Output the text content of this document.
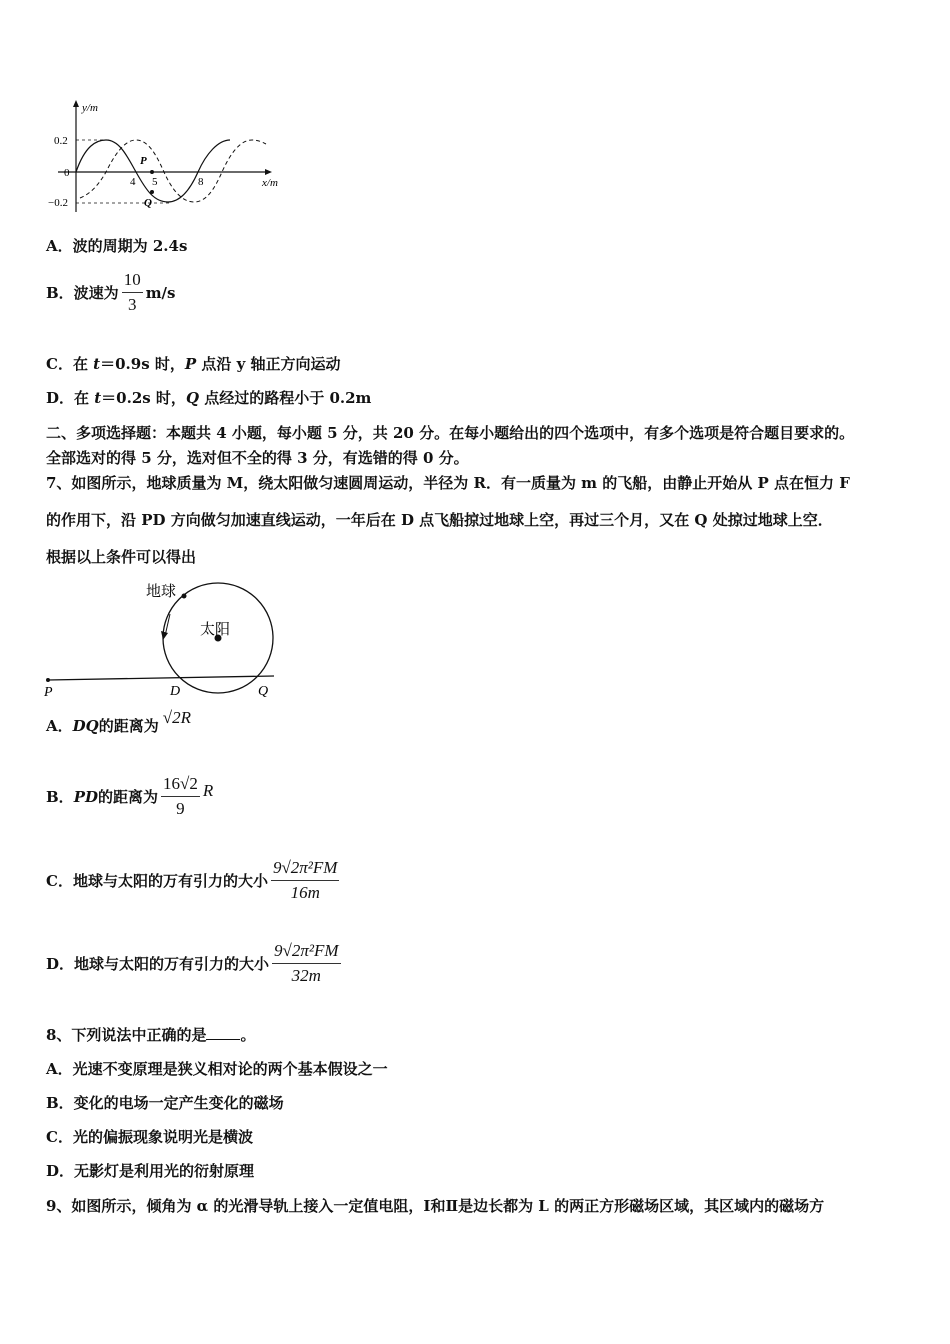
y/m
x/m
0.2
0
−0.2
4 5	8
P
Q
A．波的周期为 2.4s
B．波速为 $\frac{10}{3} m/s$
C．在 t＝0.9s 时，P 点沿 y 轴正方向运动
D．在 t＝0.2s 时，Q 点经过的路程小于 0.2m
二、多项选择题：本题共 4 小题，每小题 5 分，共 20 分。在每小题给出的四个选项中，有多个选项是符合题目要求的。
全部选对的得 5 分，选对但不全的得 3 分，有选错的得 0 分。
7、如图所示，地球质量为 M，绕太阳做匀速圆周运动，半径为 R．有一质量为 m 的飞船，由静止开始从 P 点在恒力 F
的作用下，沿 PD 方向做匀加速直线运动，一年后在 D 点飞船掠过地球上空，再过三个月，又在 Q 处掠过地球上空．
根据以上条件可以得出
太阳
地球
P	D	Q
A． DQ 的距离为 √2R
B． PD 的距离为 $\frac{16√2}{9}$ R
C．地球与太阳的万有引力的大小 $\frac{\text{9√2π²FM}}{16m}$
D．地球与太阳的万有引力的大小 $\frac{\text{9√2π²FM}}{32m}$
8、下列说法中正确的是 。
A．光速不变原理是狭义相对论的两个基本假设之一
B．变化的电场一定产生变化的磁场
C．光的偏振现象说明光是横波
D．无影灯是利用光的衍射原理
9、如图所示，倾角为 α 的光滑导轨上接入一定值电阻，Ⅰ和Ⅱ是边长都为 L 的两正方形磁场区域，其区域内的磁场方
